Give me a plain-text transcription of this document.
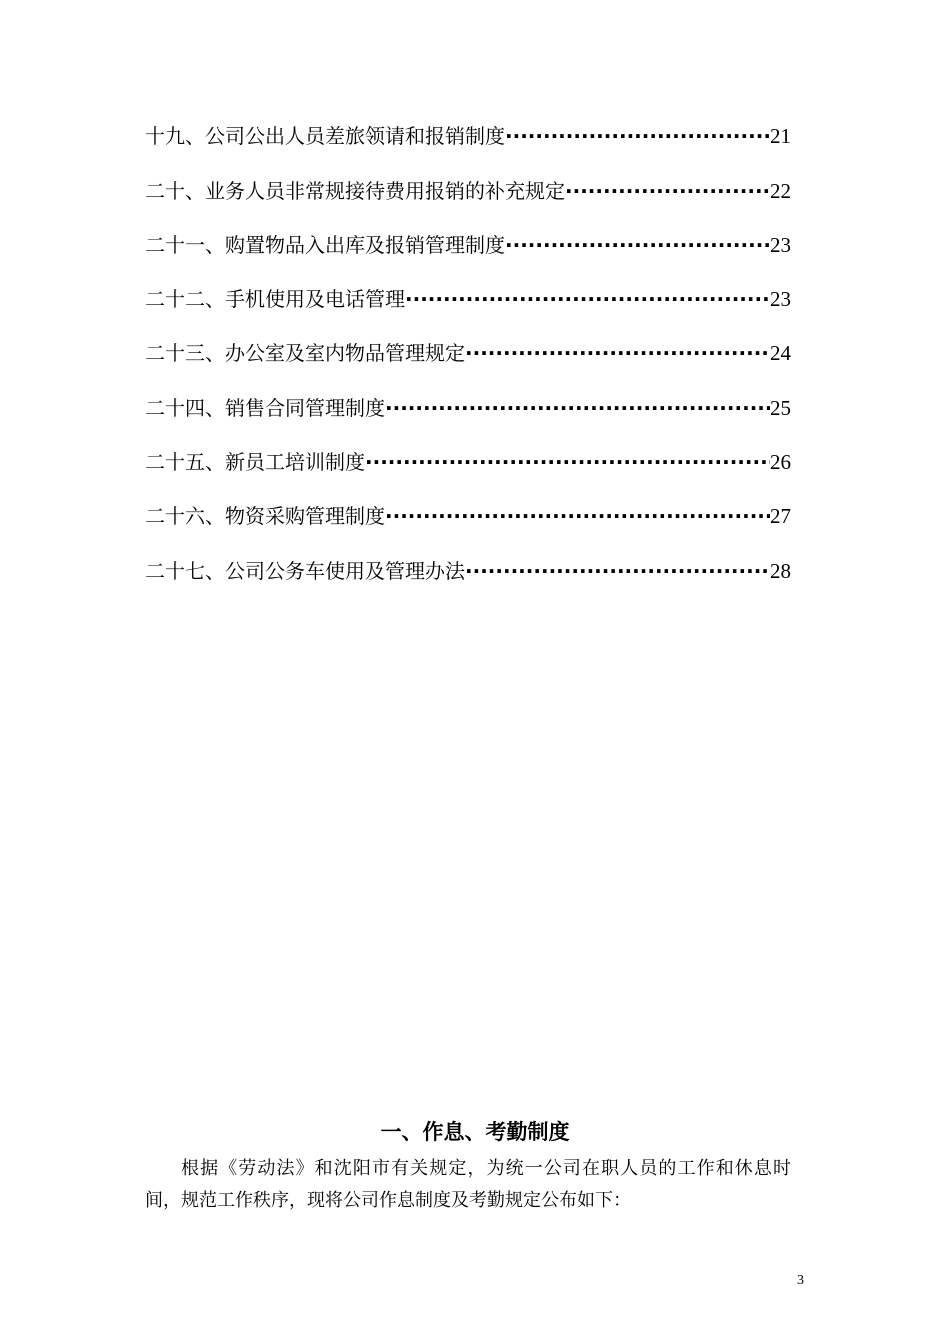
十九、公司公出人员差旅领请和报销制度 ·····	21
二十、业务人员非常规接待费用报销的补充规定 ·····	22
二十一、购置物品入出库及报销管理制度 ·····	23
二十二、手机使用及电话管理 ·····	23
二十三、办公室及室内物品管理规定 ·····	24
二十四、销售合同管理制度 ·····	25
二十五、新员工培训制度 ·····	26
二十六、物资采购管理制度 ·····	27
二十七、公司公务车使用及管理办法 ·····	28
一、作息、考勤制度

根据《劳动法》和沈阳市有关规定，为统一公司在职人员的工作和休息时间，规范工作秩序，现将公司作息制度及考勤规定公布如下：

3
